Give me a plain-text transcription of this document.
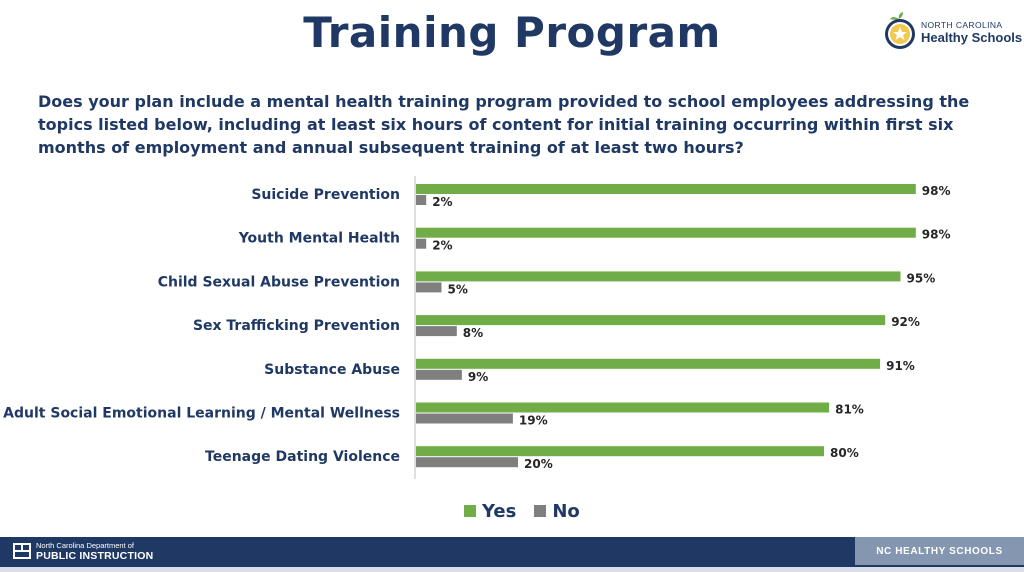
Training Program	NORTH CAROLINA
Healthy Schools
Does your plan include a mental health training program provided to school employees addressing the topics listed below, including at least six hours of content for initial training occurring within first six months of employment and annual subsequent training of at least two hours?
Suicide Prevention
Youth Mental Health
Child Sexual Abuse Prevention
Sex Trafficking Prevention
Substance Abuse
Adult Social Emotional Learning / Mental Wellness
Teenage Dating Violence
98%
2%
98%
2%
95%
5%
92%
8%
91%
9%
81%
19%
80%
20%
Yes No
North Carolina Department of
PUBLIC INSTRUCTION	NC HEALTHY SCHOOLS
